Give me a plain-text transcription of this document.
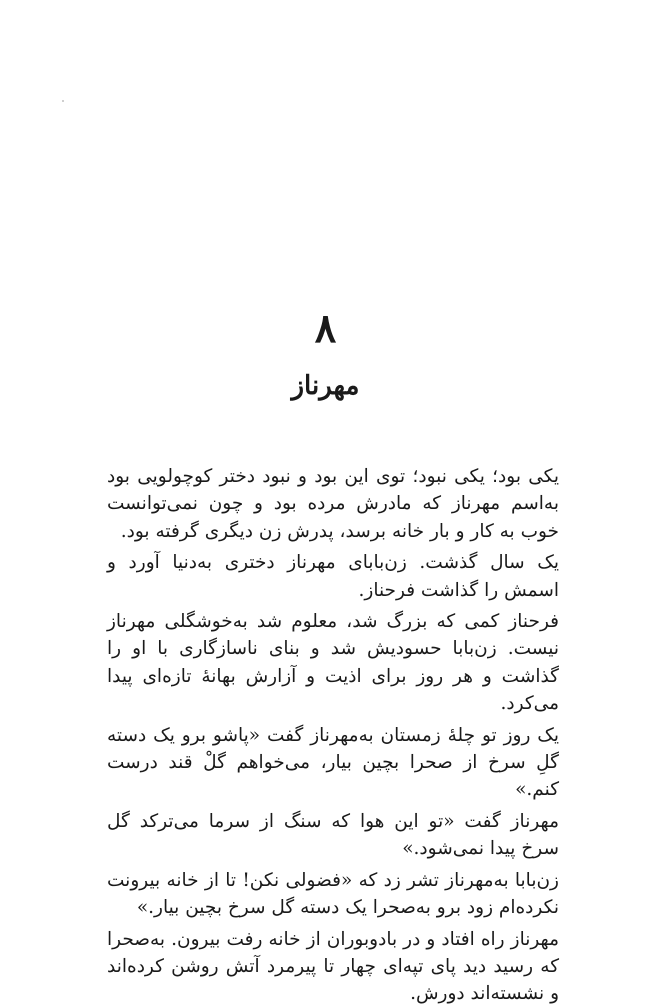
۸
مهرناز

یکی بود؛ یکی نبود؛ توی این بود و نبود دختر کوچولویی بود به‌اسم مهرناز که مادرش مرده بود و چون نمی‌توانست خوب به کار و بار خانه برسد، پدرش زن دیگری گرفته بود.

یک سال گذشت. زن‌بابای مهرناز دختری به‌دنیا آورد و اسمش را گذاشت فرحناز.

فرحناز کمی که بزرگ شد، معلوم شد به‌خوشگلی مهرناز نیست. زن‌بابا حسودیش شد و بنای ناسازگاری با او را گذاشت و هر روز برای اذیت و آزارش بهانهٔ تازه‌ای پیدا می‌کرد.

یک روز تو چلهٔ زمستان به‌مهرناز گفت «پاشو برو یک دسته گلِ سرخ از صحرا بچین بیار، می‌خواهم گلْ قند درست کنم.»

مهرناز گفت «تو این هوا که سنگ از سرما می‌ترکد گل سرخ پیدا نمی‌شود.»

زن‌بابا به‌مهرناز تشر زد که «فضولی نکن! تا از خانه بیرونت نکرده‌ام زود برو به‌صحرا یک دسته گل سرخ بچین بیار.»

مهرناز راه افتاد و در بادوبوران از خانه رفت بیرون. به‌صحرا که رسید دید پای تپه‌ای چهار تا پیرمرد آتش روشن کرده‌اند و نشسته‌اند دورش.
